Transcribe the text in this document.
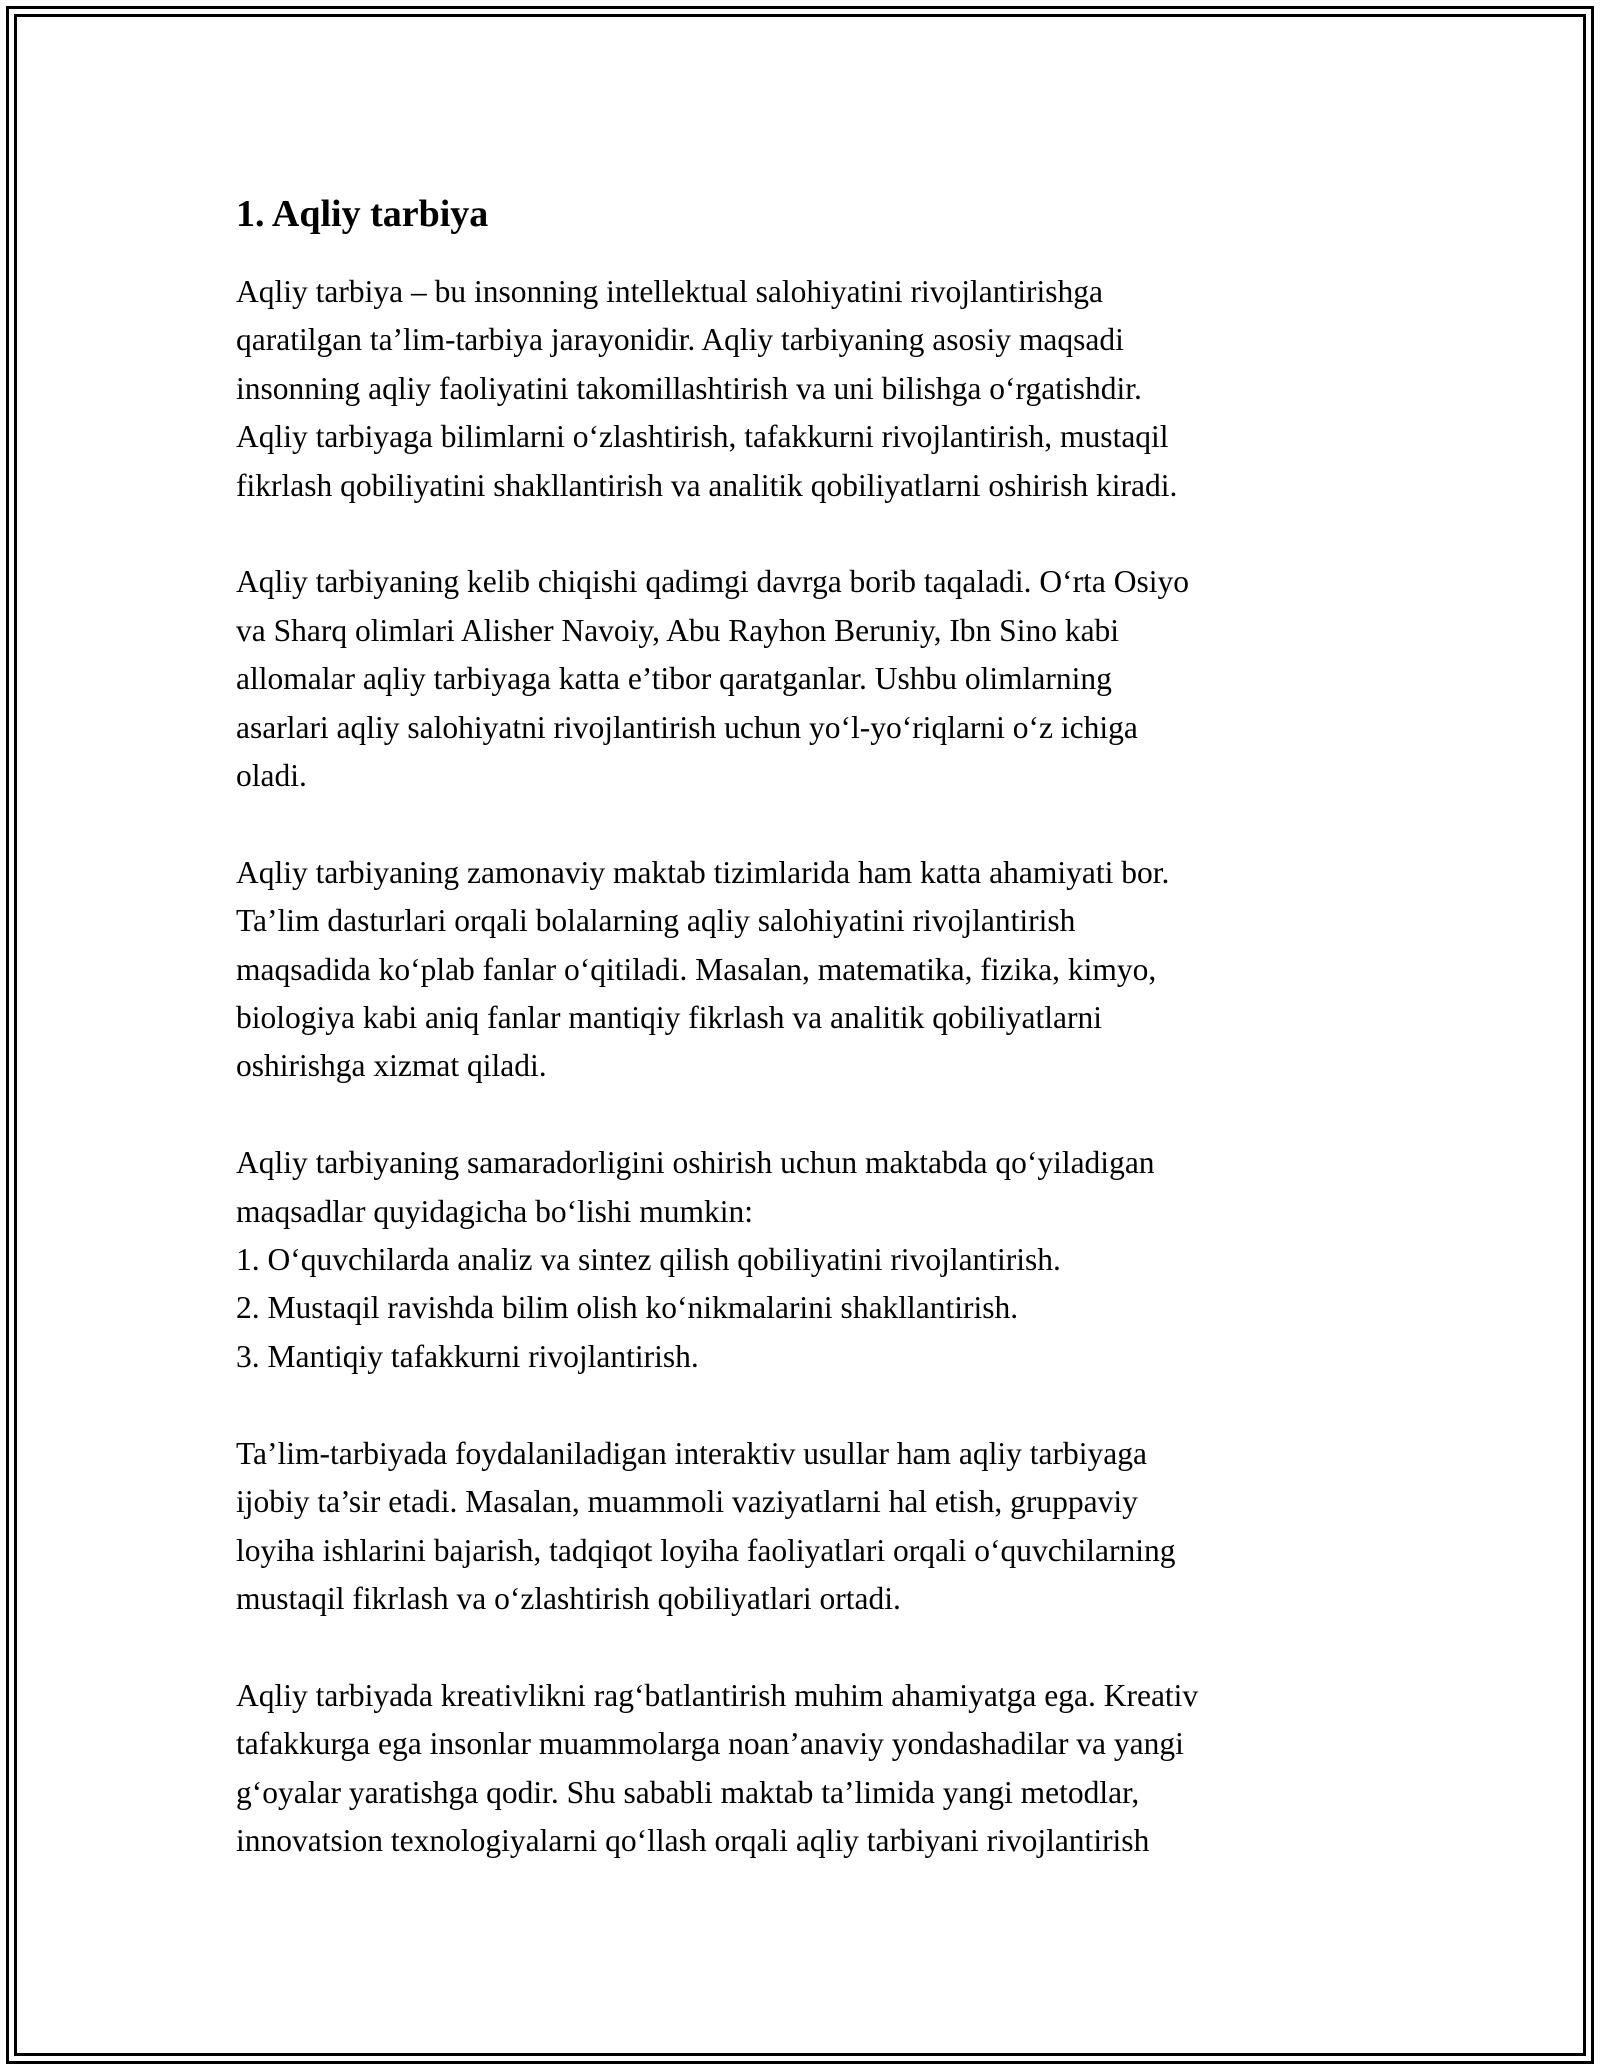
1. Aqliy tarbiya

Aqliy tarbiya – bu insonning intellektual salohiyatini rivojlantirishga
qaratilgan ta’lim-tarbiya jarayonidir. Aqliy tarbiyaning asosiy maqsadi
insonning aqliy faoliyatini takomillashtirish va uni bilishga o‘rgatishdir.
Aqliy tarbiyaga bilimlarni o‘zlashtirish, tafakkurni rivojlantirish, mustaqil
fikrlash qobiliyatini shakllantirish va analitik qobiliyatlarni oshirish kiradi.

Aqliy tarbiyaning kelib chiqishi qadimgi davrga borib taqaladi. O‘rta Osiyo
va Sharq olimlari Alisher Navoiy, Abu Rayhon Beruniy, Ibn Sino kabi
allomalar aqliy tarbiyaga katta e’tibor qaratganlar. Ushbu olimlarning
asarlari aqliy salohiyatni rivojlantirish uchun yo‘l-yo‘riqlarni o‘z ichiga
oladi.

Aqliy tarbiyaning zamonaviy maktab tizimlarida ham katta ahamiyati bor.
Ta’lim dasturlari orqali bolalarning aqliy salohiyatini rivojlantirish
maqsadida ko‘plab fanlar o‘qitiladi. Masalan, matematika, fizika, kimyo,
biologiya kabi aniq fanlar mantiqiy fikrlash va analitik qobiliyatlarni
oshirishga xizmat qiladi.

Aqliy tarbiyaning samaradorligini oshirish uchun maktabda qo‘yiladigan
maqsadlar quyidagicha bo‘lishi mumkin:
1. O‘quvchilarda analiz va sintez qilish qobiliyatini rivojlantirish.
2. Mustaqil ravishda bilim olish ko‘nikmalarini shakllantirish.
3. Mantiqiy tafakkurni rivojlantirish.

Ta’lim-tarbiyada foydalaniladigan interaktiv usullar ham aqliy tarbiyaga
ijobiy ta’sir etadi. Masalan, muammoli vaziyatlarni hal etish, gruppaviy
loyiha ishlarini bajarish, tadqiqot loyiha faoliyatlari orqali o‘quvchilarning
mustaqil fikrlash va o‘zlashtirish qobiliyatlari ortadi.

Aqliy tarbiyada kreativlikni rag‘batlantirish muhim ahamiyatga ega. Kreativ
tafakkurga ega insonlar muammolarga noan’anaviy yondashadilar va yangi
g‘oyalar yaratishga qodir. Shu sababli maktab ta’limida yangi metodlar,
innovatsion texnologiyalarni qo‘llash orqali aqliy tarbiyani rivojlantirish
